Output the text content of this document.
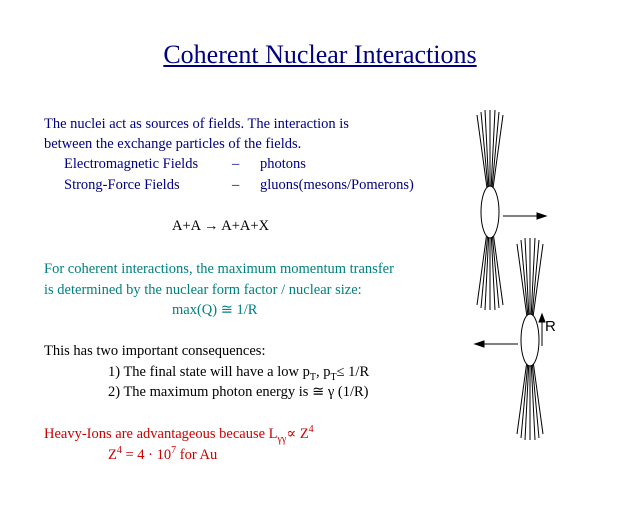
Coherent Nuclear Interactions
The nuclei act as sources of fields. The interaction is
between the exchange particles of the fields.
Electromagnetic Fields – photons
Strong-Force Fields	– gluons(mesons/Pomerons)
A+A → A+A+X
For coherent interactions, the maximum momentum transfer
is determined by the nuclear form factor / nuclear size:
max(Q) ≅ 1/R
This has two important consequences:
1) The final state will have a low $p_T$, $p_T\le 1/R$
2) The maximum photon energy is ≅ γ (1/R)
Heavy-Ions are advantageous because $L_{\gamma\gamma}\propto Z^4$
$Z^4 = 4 \cdot 10^7$ for Au
R
